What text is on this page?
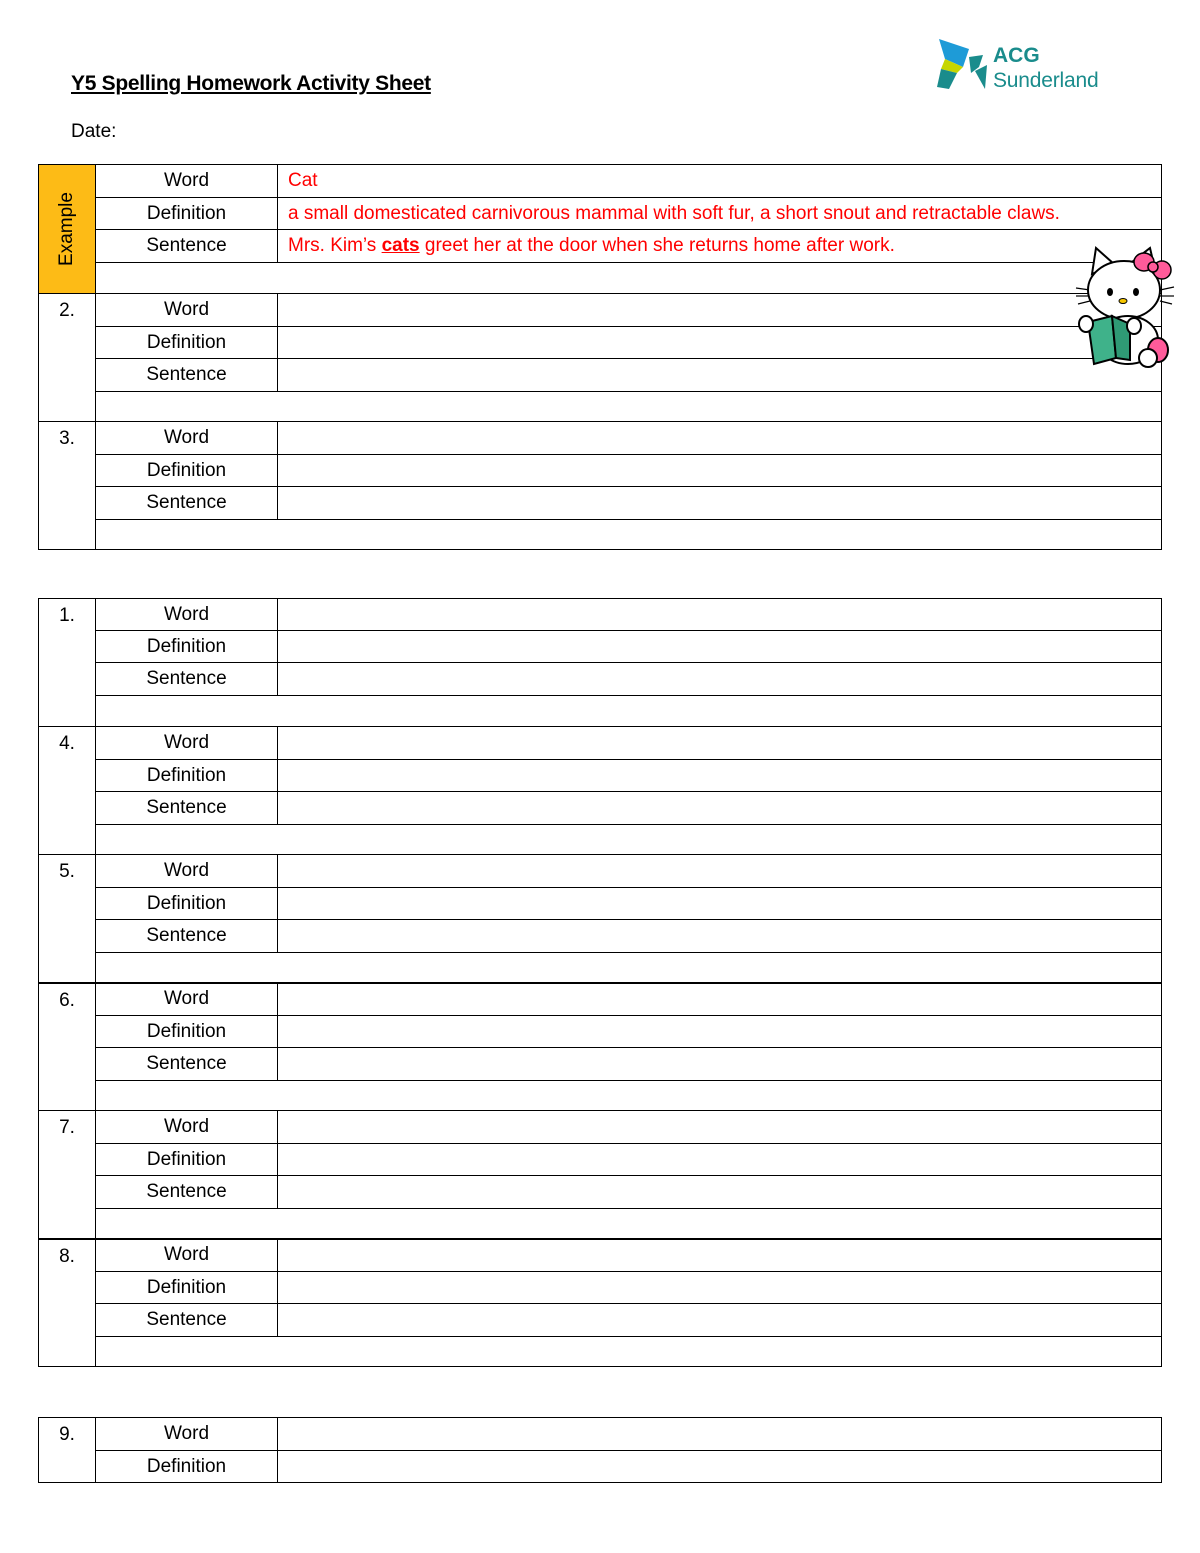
Y5 Spelling Homework Activity Sheet
Date:
ACG
Sunderland
Example	Word	Cat
	Definition	a small domesticated carnivorous mammal with soft fur, a short snout and retractable claws.
	Sentence	Mrs. Kim’s cats greet her at the door when she returns home after work.

2.	Word	
	Definition	
	Sentence	

3.	Word	
	Definition	
	Sentence	

1.	Word	
	Definition	
	Sentence	

4.	Word	
	Definition	
	Sentence	

5.	Word	
	Definition	
	Sentence	

6.	Word	
	Definition	
	Sentence	

7.	Word	
	Definition	
	Sentence	

8.	Word	
	Definition	
	Sentence	

9.	Word	
	Definition	
